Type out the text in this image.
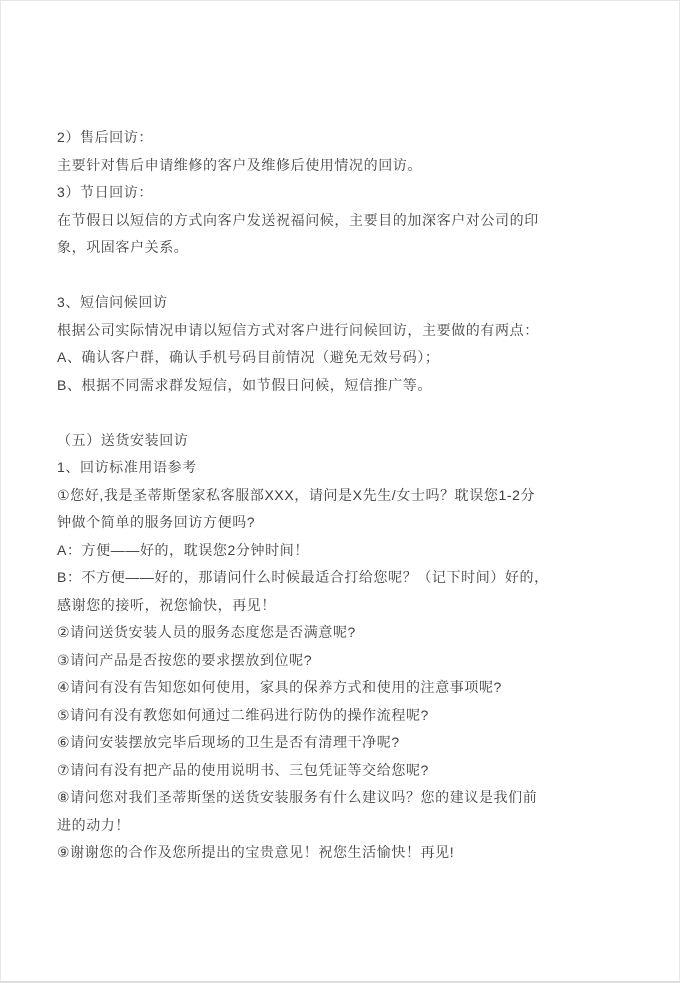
2）售后回访：
主要针对售后申请维修的客户及维修后使用情况的回访。
3）节日回访：
在节假日以短信的方式向客户发送祝福问候，主要目的加深客户对公司的印
象，巩固客户关系。
3、短信问候回访
根据公司实际情况申请以短信方式对客户进行问候回访，主要做的有两点：
A、确认客户群，确认手机号码目前情况（避免无效号码）；
B、根据不同需求群发短信，如节假日问候，短信推广等。
（五）送货安装回访
1、回访标准用语参考
①您好,我是圣蒂斯堡家私客服部XXX，请问是X先生/女士吗？耽误您1-2分
钟做个简单的服务回访方便吗?
A：方便——好的，耽误您2分钟时间！
B：不方便——好的，那请问什么时候最适合打给您呢？（记下时间）好的，
感谢您的接听，祝您愉快，再见！
②请问送货安装人员的服务态度您是否满意呢?
③请问产品是否按您的要求摆放到位呢?
④请问有没有告知您如何使用，家具的保养方式和使用的注意事项呢?
⑤请问有没有教您如何通过二维码进行防伪的操作流程呢?
⑥请问安装摆放完毕后现场的卫生是否有清理干净呢?
⑦请问有没有把产品的使用说明书、三包凭证等交给您呢?
⑧请问您对我们圣蒂斯堡的送货安装服务有什么建议吗？您的建议是我们前
进的动力！
⑨谢谢您的合作及您所提出的宝贵意见！祝您生活愉快！再见!
